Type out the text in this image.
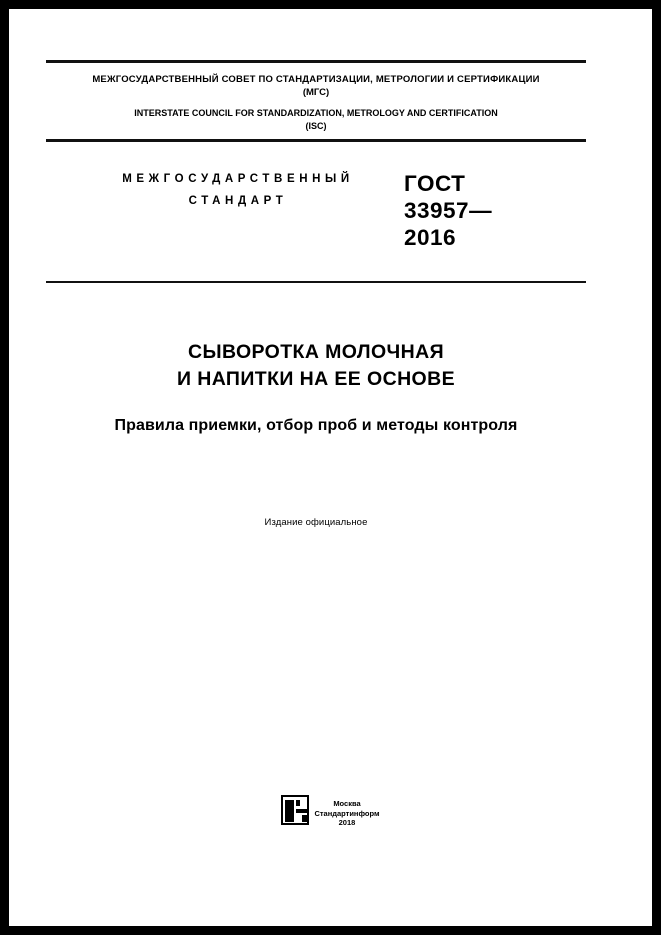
МЕЖГОСУДАРСТВЕННЫЙ СОВЕТ ПО СТАНДАРТИЗАЦИИ, МЕТРОЛОГИИ И СЕРТИФИКАЦИИ
(МГС)
INTERSTATE COUNCIL FOR STANDARDIZATION, METROLOGY AND CERTIFICATION
(ISC)
МЕЖГОСУДАРСТВЕННЫЙ
СТАНДАРТ
ГОСТ
33957—
2016
СЫВОРОТКА МОЛОЧНАЯ
И НАПИТКИ НА ЕЕ ОСНОВЕ
Правила приемки, отбор проб и методы контроля
Издание официальное
Москва
Стандартинформ
2018
